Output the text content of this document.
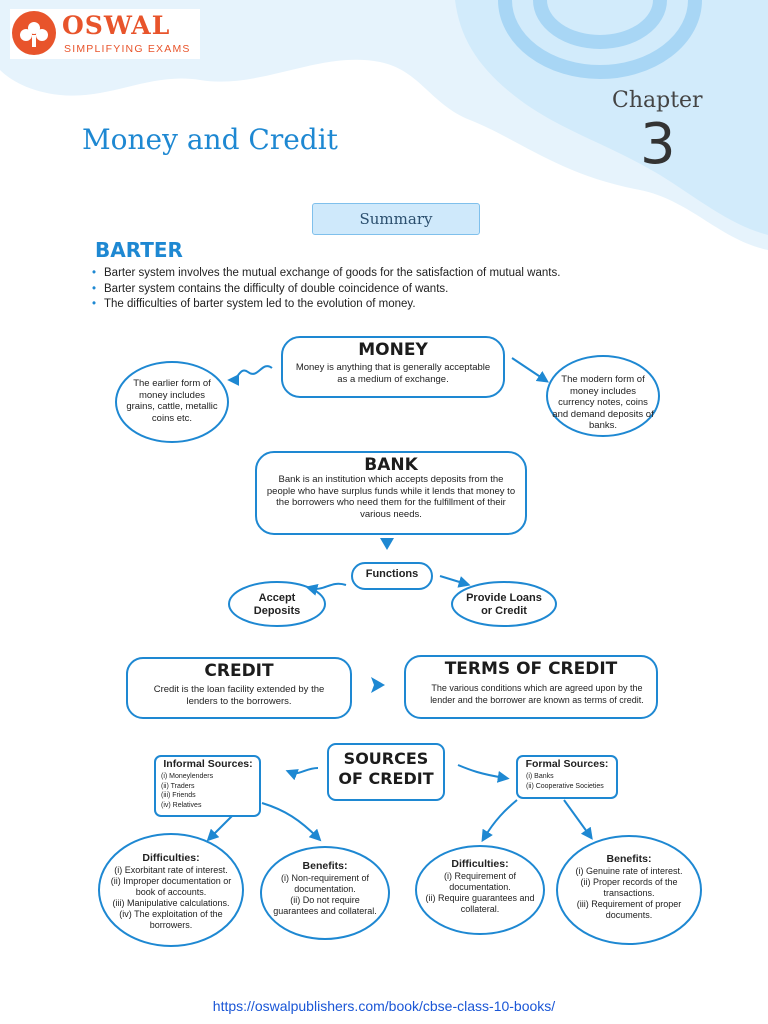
OSWAL
SIMPLIFYING EXAMS
Chapter
3
Money and Credit
Summary
BARTER
• Barter system involves the mutual exchange of goods for the satisfaction of mutual wants.
• Barter system contains the difficulty of double coincidence of wants.
• The difficulties of barter system led to the evolution of money.
MONEY
Money is anything that is generally acceptable as a medium of exchange.
The earlier form of money includes grains, cattle, metallic coins etc.
The modern form of money includes currency notes, coins and demand deposits of banks.
BANK
Bank is an institution which accepts deposits from the people who have surplus funds while it lends that money to the borrowers who need them for the fulfillment of their various needs.
Functions
Accept Deposits
Provide Loans or Credit
CREDIT
Credit is the loan facility extended by the lenders to the borrowers.
TERMS OF CREDIT
The various conditions which are agreed upon by the lender and the borrower are known as terms of credit.
SOURCES
OF CREDIT
Informal Sources:
(i) Moneylenders
(ii) Traders
(iii) Friends
(iv) Relatives
Formal Sources:
(i) Banks
(ii) Cooperative Societies
Difficulties:
(i) Exorbitant rate of interest.
(ii) Improper documentation or book of accounts.
(iii) Manipulative calculations.
(iv) The exploitation of the borrowers.
Benefits:
(i) Non-requirement of documentation.
(ii) Do not require guarantees and collateral.
Difficulties:
(i) Requirement of documentation.
(ii) Require guarantees and collateral.
Benefits:
(i) Genuine rate of interest.
(ii) Proper records of the transactions.
(iii) Requirement of proper documents.
https://oswalpublishers.com/book/cbse-class-10-books/
